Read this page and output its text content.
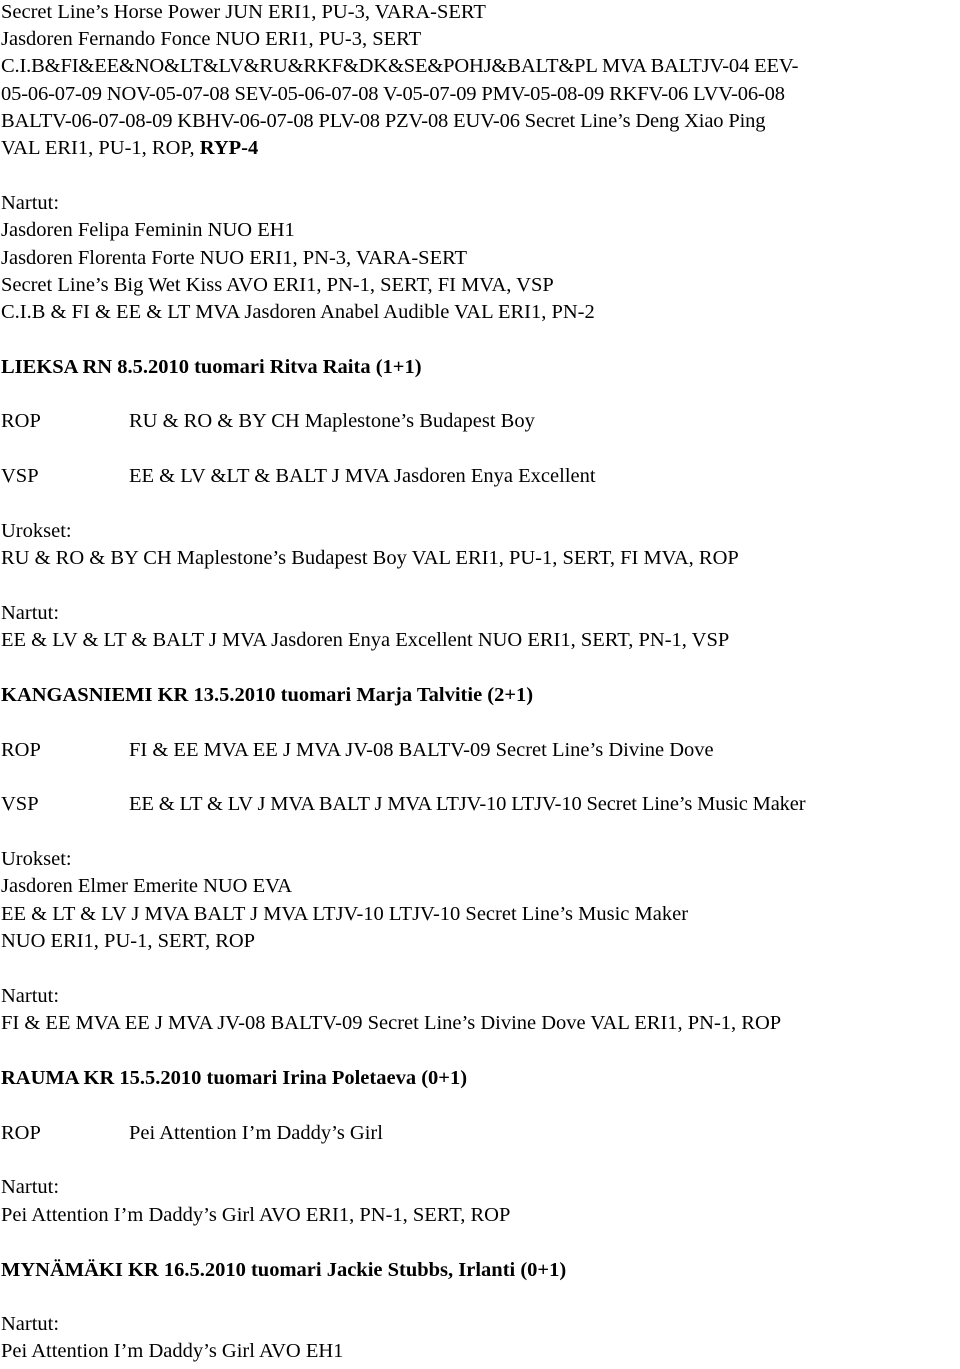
Secret Line’s Horse Power JUN ERI1, PU-3, VARA-SERT
Jasdoren Fernando Fonce NUO ERI1, PU-3, SERT
C.I.B&FI&EE&NO&LT&LV&RU&RKF&DK&SE&POHJ&BALT&PL MVA BALTJV-04 EEV-
05-06-07-09 NOV-05-07-08 SEV-05-06-07-08 V-05-07-09 PMV-05-08-09 RKFV-06 LVV-06-08
BALTV-06-07-08-09 KBHV-06-07-08 PLV-08 PZV-08 EUV-06 Secret Line’s Deng Xiao Ping
VAL ERI1, PU-1, ROP, RYP-4
Nartut:
Jasdoren Felipa Feminin NUO EH1
Jasdoren Florenta Forte NUO ERI1, PN-3, VARA-SERT
Secret Line’s Big Wet Kiss AVO ERI1, PN-1, SERT, FI MVA, VSP
C.I.B & FI & EE & LT MVA Jasdoren Anabel Audible VAL ERI1, PN-2
LIEKSA RN 8.5.2010 tuomari Ritva Raita (1+1)
ROP	RU & RO & BY CH Maplestone’s Budapest Boy
VSP	EE & LV &LT & BALT J MVA Jasdoren Enya Excellent
Urokset:
RU & RO & BY CH Maplestone’s Budapest Boy VAL ERI1, PU-1, SERT, FI MVA, ROP
Nartut:
EE & LV & LT & BALT J MVA Jasdoren Enya Excellent NUO ERI1, SERT, PN-1, VSP
KANGASNIEMI KR 13.5.2010 tuomari Marja Talvitie (2+1)
ROP	FI & EE MVA EE J MVA JV-08 BALTV-09 Secret Line’s Divine Dove
VSP	EE & LT & LV J MVA BALT J MVA LTJV-10 LTJV-10 Secret Line’s Music Maker
Urokset:
Jasdoren Elmer Emerite NUO EVA
EE & LT & LV J MVA BALT J MVA LTJV-10 LTJV-10 Secret Line’s Music Maker
NUO ERI1, PU-1, SERT, ROP
Nartut:
FI & EE MVA EE J MVA JV-08 BALTV-09 Secret Line’s Divine Dove VAL ERI1, PN-1, ROP
RAUMA KR 15.5.2010 tuomari Irina Poletaeva (0+1)
ROP	Pei Attention I’m Daddy’s Girl
Nartut:
Pei Attention I’m Daddy’s Girl AVO ERI1, PN-1, SERT, ROP
MYNÄMÄKI KR 16.5.2010 tuomari Jackie Stubbs, Irlanti (0+1)
Nartut:
Pei Attention I’m Daddy’s Girl AVO EH1
